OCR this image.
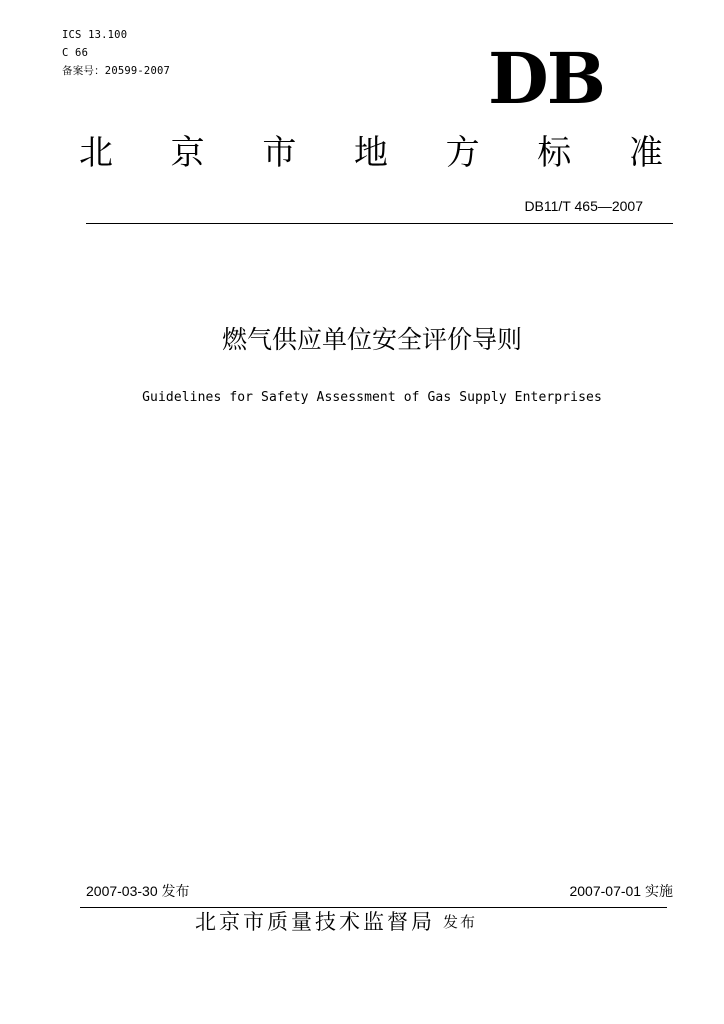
ICS 13.100
C 66
备案号：20599-2007	DB
北 京 市 地 方 标 准
DB11/T 465—2007
燃气供应单位安全评价导则
Guidelines for Safety Assessment of Gas Supply Enterprises
2007-03-30 发布	2007-07-01 实施
北京市质量技术监督局 发布
